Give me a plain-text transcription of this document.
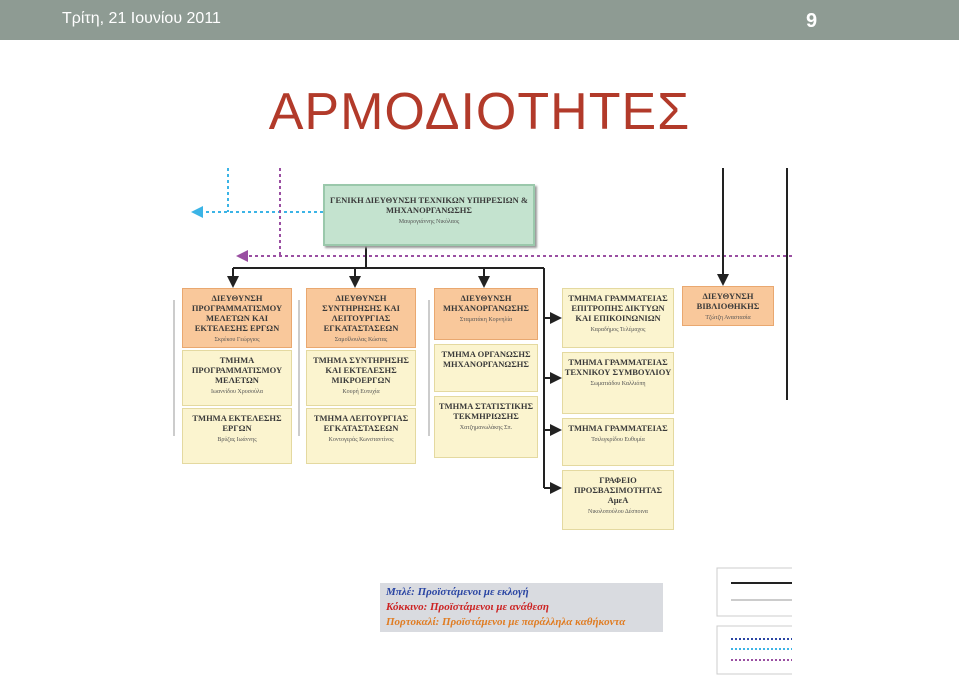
Τρίτη, 21 Ιουνίου 2011	9
ΑΡΜΟΔΙΟΤΗΤΕΣ
ΓΕΝΙΚΗ ΔΙΕΥΘΥΝΣΗ ΤΕΧΝΙΚΩΝ ΥΠΗΡΕΣΙΩΝ & ΜΗΧΑΝΟΡΓΑΝΩΣΗΣ
Μαυρογιάννης Νικόλαος
ΔΙΕΥΘΥΝΣΗ ΠΡΟΓΡΑΜΜΑΤΙΣΜΟΥ ΜΕΛΕΤΩΝ ΚΑΙ ΕΚΤΕΛΕΣΗΣ ΕΡΓΩΝ
Σκρέκου Γεώργιος
ΤΜΗΜΑ ΠΡΟΓΡΑΜΜΑΤΙΣΜΟΥ ΜΕΛΕΤΩΝ
Ιωαννίδου Χρυσούλα
ΤΜΗΜΑ ΕΚΤΕΛΕΣΗΣ ΕΡΓΩΝ
Βρύζας Ιωάννης
ΔΙΕΥΘΥΝΣΗ ΣΥΝΤΗΡΗΣΗΣ ΚΑΙ ΛΕΙΤΟΥΡΓΙΑΣ ΕΓΚΑΤΑΣΤΑΣΕΩΝ
Σαμοΐλουλας Κώστας
ΤΜΗΜΑ ΣΥΝΤΗΡΗΣΗΣ ΚΑΙ ΕΚΤΕΛΕΣΗΣ ΜΙΚΡΟΕΡΓΩΝ
Κουρή Ευτυχία
ΤΜΗΜΑ ΛΕΙΤΟΥΡΓΙΑΣ ΕΓΚΑΤΑΣΤΑΣΕΩΝ
Κοντογεράς Κωνσταντίνος
ΔΙΕΥΘΥΝΣΗ ΜΗΧΑΝΟΡΓΑΝΩΣΗΣ
Σταματάκη Κορνηλία
ΤΜΗΜΑ ΟΡΓΑΝΩΣΗΣ ΜΗΧΑΝΟΡΓΑΝΩΣΗΣ
ΤΜΗΜΑ ΣΤΑΤΙΣΤΙΚΗΣ ΤΕΚΜΗΡΙΩΣΗΣ
Χατζημανωλάκης Σπ.
ΤΜΗΜΑ ΓΡΑΜΜΑΤΕΙΑΣ ΕΠΙΤΡΟΠΗΣ ΔΙΚΤΥΩΝ ΚΑΙ ΕΠΙΚΟΙΝΩΝΙΩΝ
Καραδήμος Τελέμαχος
ΤΜΗΜΑ ΓΡΑΜΜΑΤΕΙΑΣ ΤΕΧΝΙΚΟΥ ΣΥΜΒΟΥΛΙΟΥ
Σωματιάδου Καλλιόπη
ΤΜΗΜΑ ΓΡΑΜΜΑΤΕΙΑΣ
Τσιλιγκρίδου Ευθυμία
ΓΡΑΦΕΙΟ ΠΡΟΣΒΑΣΙΜΟΤΗΤΑΣ ΑμεΑ
Νικολοπούλου Δέσποινα
ΔΙΕΥΘΥΝΣΗ ΒΙΒΛΙΟΘΗΚΗΣ
Τζώτζη Αναστασία
Μπλέ: Προϊστάμενοι με εκλογή
Κόκκινο: Προϊστάμενοι με ανάθεση
Πορτοκαλί: Προϊστάμενοι με παράλληλα καθήκοντα
